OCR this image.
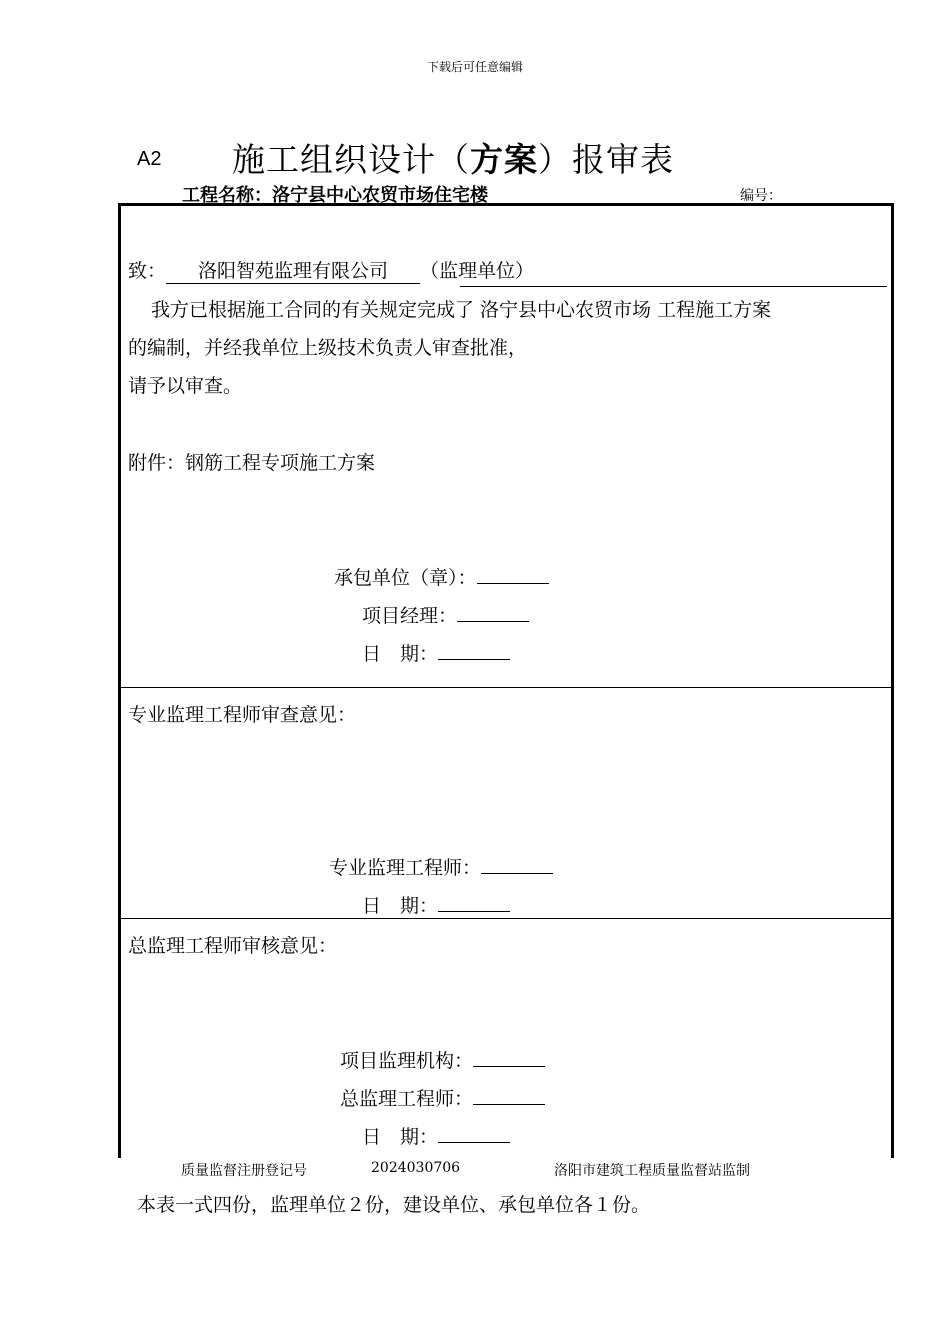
下载后可任意编辑
A2 施工组织设计（方案）报审表
工程名称：洛宁县中心农贸市场住宅楼	编号：
致： 洛阳智苑监理有限公司 （监理单位）
我方已根据施工合同的有关规定完成了 洛宁县中心农贸市场 工程施工方案
的编制，并经我单位上级技术负责人审查批准，
请予以审查。
附件：钢筋工程专项施工方案
承包单位（章）：
项目经理：
日　期：
专业监理工程师审查意见：
专业监理工程师：
日　期：
总监理工程师审核意见：
项目监理机构：
总监理工程师：
日　期：
质量监督注册登记号	2024030706	洛阳市建筑工程质量监督站监制
本表一式四份，监理单位２份，建设单位、承包单位各１份。
